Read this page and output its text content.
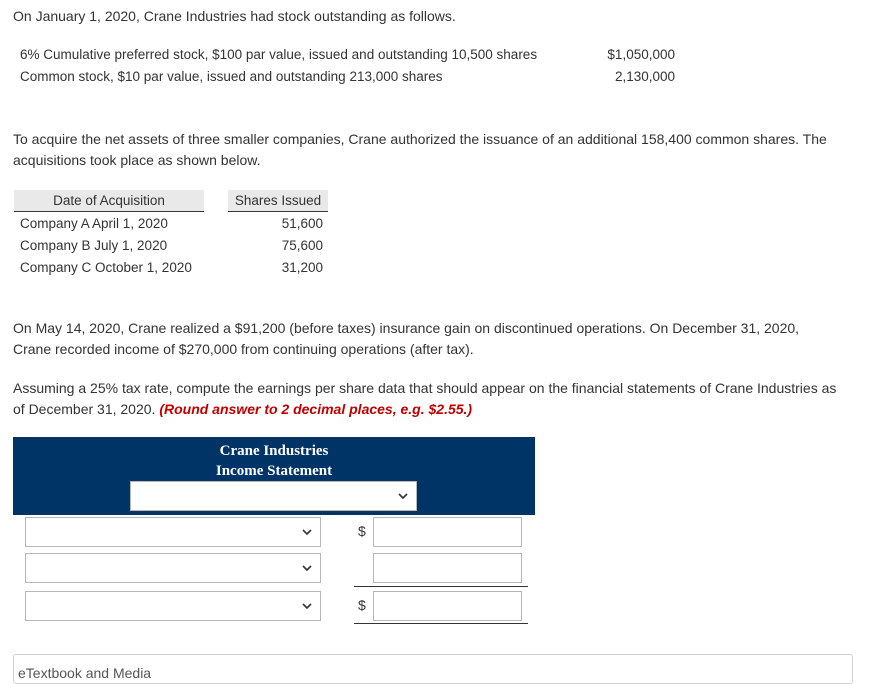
On January 1, 2020, Crane Industries had stock outstanding as follows.
6% Cumulative preferred stock, $100 par value, issued and outstanding 10,500 shares	$1,050,000
Common stock, $10 par value, issued and outstanding 213,000 shares	2,130,000
To acquire the net assets of three smaller companies, Crane authorized the issuance of an additional 158,400 common shares. The
acquisitions took place as shown below.
Date of Acquisition	Shares Issued
Company A April 1, 2020	51,600
Company B July 1, 2020	75,600
Company C October 1, 2020	31,200
On May 14, 2020, Crane realized a $91,200 (before taxes) insurance gain on discontinued operations. On December 31, 2020,
Crane recorded income of $270,000 from continuing operations (after tax).
Assuming a 25% tax rate, compute the earnings per share data that should appear on the financial statements of Crane Industries as
of December 31, 2020. (Round answer to 2 decimal places, e.g. $2.55.)
Crane Industries
Income Statement
$
$
eTextbook and Media
